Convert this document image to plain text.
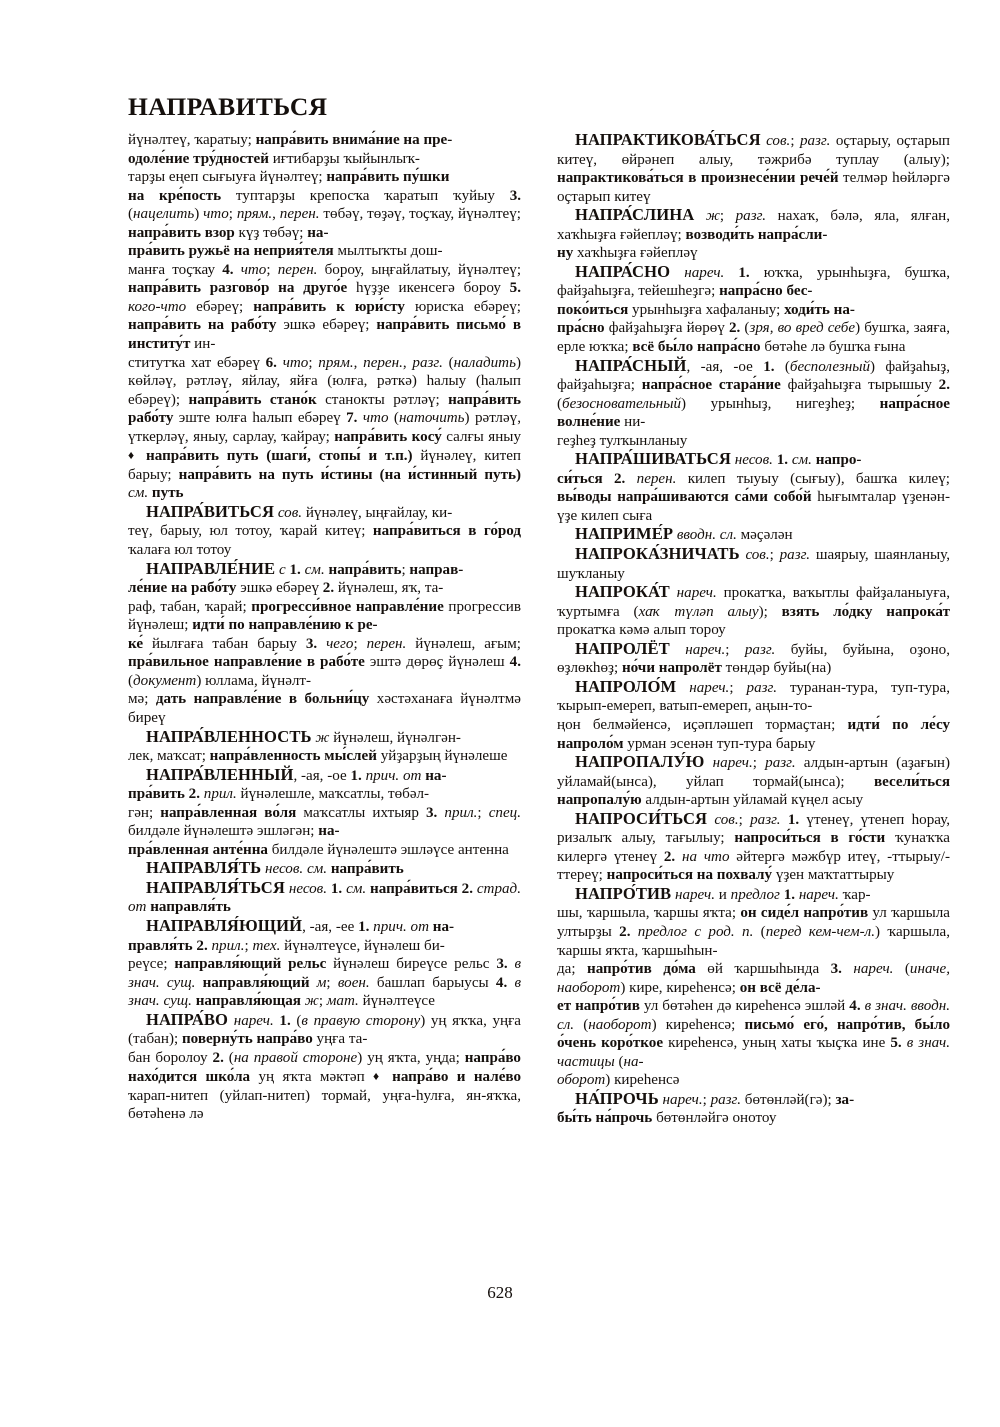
НАПРАВИТЬСЯ

йүнәлтеү, ҡаратыу; напра́вить внима́ние на пре-
одоле́ние тру́дностей иғтибарҙы ҡыйынлыҡ-
тарҙы еңеп сығыуға йүнәлтеү; напра́вить пу́шки
на кре́пость туптарҙы крепосҡа ҡаратып ҡуйыу 3. (нацелить) что; прям., перен. төбәү, төҙәү, тоҫҡау, йүнәлтеү; напра́вить взор күҙ төбәү; на-
пра́вить ружьё на неприя́теля мылтыҡты дош-
манға тоҫҡау 4. что; перен. бороу, ыңғайлатыу, йүнәлтеү; напра́вить разгово́р на друго́е һүҙҙе икенсегә бороу 5. кого-что ебәреү; напра́вить к юри́сту юрисҡа ебәреү; напра́вить на рабо́ту эшкә ебәреү; напра́вить письмо́ в институ́т ин-
ститутҡа хат ебәреү 6. что; прям., перен., разг. (наладить) көйләү, рәтләү, яйлау, яйға (юлға, рәткә) һалыу (һалып ебәреү); напра́вить стано́к станокты рәтләү; напра́вить рабо́ту эште юлға һалып ебәреү 7. что (наточить) рәтләү, үткерләү, яныу, сарлау, ҡайрау; напра́вить косу́ салғы яныу ♦ напра́вить путь (шаги́, стопы́ и т.п.) йүнәлеү, китеп барыу; напра́вить на путь и́стины (на и́стинный путь) см. путь

НАПРА́ВИТЬСЯ сов. йүнәлеү, ыңғайлау, ки-
теү, барыу, юл тотоу, ҡарай китеү; напра́виться в го́род ҡалаға юл тотоу

НАПРАВЛЕ́НИЕ с 1. см. напра́вить; направ-
ле́ние на рабо́ту эшкә ебәреү 2. йүнәлеш, яҡ, та-
раф, табан, ҡарай; прогресси́вное направле́ние прогрессив йүнәлеш; идти́ по направле́нию к ре-
ке́ йылғаға табан барыу 3. чего; перен. йүнәлеш, ағым; пра́вильное направле́ние в рабо́те эштә дөрөҫ йүнәлеш 4. (документ) юллама, йүнәлт-
мә; дать направле́ние в больни́цу хәстәханаға йүнәлтмә биреү

НАПРА́ВЛЕННОСТЬ ж йүнәлеш, йүнәлгән-
лек, маҡсат; напра́вленность мы́слей уйҙарҙың йүнәлеше

НАПРА́ВЛЕННЫЙ, -ая, -ое 1. прич. от на-
пра́вить 2. прил. йүнәлешле, маҡсатлы, төбәл-
гән; напра́вленная во́ля маҡсатлы ихтыяр 3. прил.; спец. билдәле йүнәлештә эшләгән; на-
пра́вленная анте́нна билдәле йүнәлештә эшләүсе антенна

НАПРАВЛЯ́ТЬ несов. см. напра́вить

НАПРАВЛЯ́ТЬСЯ несов. 1. см. напра́виться 2. страд. от направля́ть

НАПРАВЛЯ́ЮЩИЙ, -ая, -ее 1. прич. от на-
правля́ть 2. прил.; тех. йүнәлтеүсе, йүнәлеш би-
реүсе; направля́ющий рельс йүнәлеш биреүсе рельс 3. в знач. сущ. направля́ющий м; воен. башлап барыусы 4. в знач. сущ. направля́ющая ж; мат. йүнәлтеүсе

НАПРА́ВО нареч. 1. (в правую сторону) уң яҡҡа, уңға (табан); поверну́ть напра́во уңға та-
бан боролоу 2. (на правой стороне) уң яҡта, уңда; напра́во нахо́дится шко́ла уң яҡта мәктәп ♦ напра́во и нале́во ҡарап-нитеп (уйлап-нитеп) тормай, уңға-һулға, ян-яҡҡа, бөтәһенә лә

НАПРАКТИКОВА́ТЬСЯ сов.; разг. оҫтарыу, оҫтарып китеү, өйрәнеп алыу, тәжрибә туплау (алыу); напрактикова́ться в произнесе́нии рече́й телмәр һөйләргә оҫтарып китеү

НАПРА́СЛИНА ж; разг. нахаҡ, бәлә, яла, ялған, хаҡһыҙға ғәйепләү; возводи́ть напра́сли-
ну хаҡһыҙға ғәйепләү

НАПРА́СНО нареч. 1. юҡҡа, урынһыҙға, бушҡа, файҙаһыҙға, тейешһеҙгә; напра́сно бес-
поко́иться урынһыҙға хафаланыу; ходи́ть на-
пра́сно файҙаһыҙға йөрөү 2. (зря, во вред себе) бушҡа, заяға, ерле юҡҡа; всё бы́ло напра́сно бөтәһе лә бушҡа ғына

НАПРА́СНЫЙ, -ая, -ое 1. (бесполезный) файҙаһыҙ, файҙаһыҙға; напра́сное стара́ние файҙаһыҙға тырышыу 2. (безосновательный) урынһыҙ, нигеҙһеҙ; напра́сное волне́ние ни-
геҙһеҙ тулҡынланыу

НАПРА́ШИВАТЬСЯ несов. 1. см. напро-
си́ться 2. перен. килеп тыуыу (сығыу), башҡа килеү; вы́воды напра́шиваются са́ми собо́й һығымталар үҙенән-үҙе килеп сыға

НАПРИМЕ́Р вводн. сл. мәҫәлән

НАПРОКА́ЗНИЧАТЬ сов.; разг. шаярыу, шаянланыу, шуҡланыу

НАПРОКА́Т нареч. прокатҡа, ваҡытлы файҙаланыуға, ҡуртымға (хаҡ түләп алыу); взять ло́дку напрока́т прокатҡа кәмә алып тороу

НАПРОЛЁТ нареч.; разг. буйы, буйына, оҙоно, өҙлөкһөҙ; но́чи напролёт төндәр буйы(на)

НАПРОЛО́М нареч.; разг. туранан-тура, туп-тура, ҡырып-емереп, ватып-емереп, аңын-то-
ңон белмәйенсә, иҫәпләшеп тормаҫтан; идти́ по ле́су напроло́м урман эсенән туп-тура барыу

НАПРОПАЛУ́Ю нареч.; разг. алдын-артын (аҙағын) уйламай(ынса), уйлап тормай(ынса); весели́ться напропалу́ю алдын-артын уйламай күңел асыу

НАПРОСИ́ТЬСЯ сов.; разг. 1. үтенеү, үтенеп һорау, ризалыҡ алыу, тағылыу; напроси́ться в го́сти ҡунаҡҡа килергә үтенеү 2. на что әйтергә мәжбүр итеү, -ттырыу/-ттереү; напроси́ться на похвалу́ үҙен маҡтаттырыу

НАПРО́ТИВ нареч. и предлог 1. нареч. ҡар-
шы, ҡаршыла, ҡаршы яҡта; он сиде́л напро́тив ул ҡаршыла ултырҙы 2. предлог с род. п. (перед кем-чем-л.) ҡаршыла, ҡаршы яҡта, ҡаршыһын-
да; напро́тив до́ма өй ҡаршыһында 3. нареч. (иначе, наоборот) кире, киреһенсә; он всё де́ла-
ет напро́тив ул бөтәһен дә киреһенсә эшләй 4. в знач. вводн. сл. (наоборот) киреһенсә; письмо́ его́, напро́тив, бы́ло о́чень коро́ткое киреһенсә, уның хаты ҡыҫҡа ине 5. в знач. частицы (на-
оборот) киреһенсә

НА́ПРОЧЬ нареч.; разг. бөтөнләй(гә); за-
бы́ть на́прочь бөтөнләйгә онотоу

628
